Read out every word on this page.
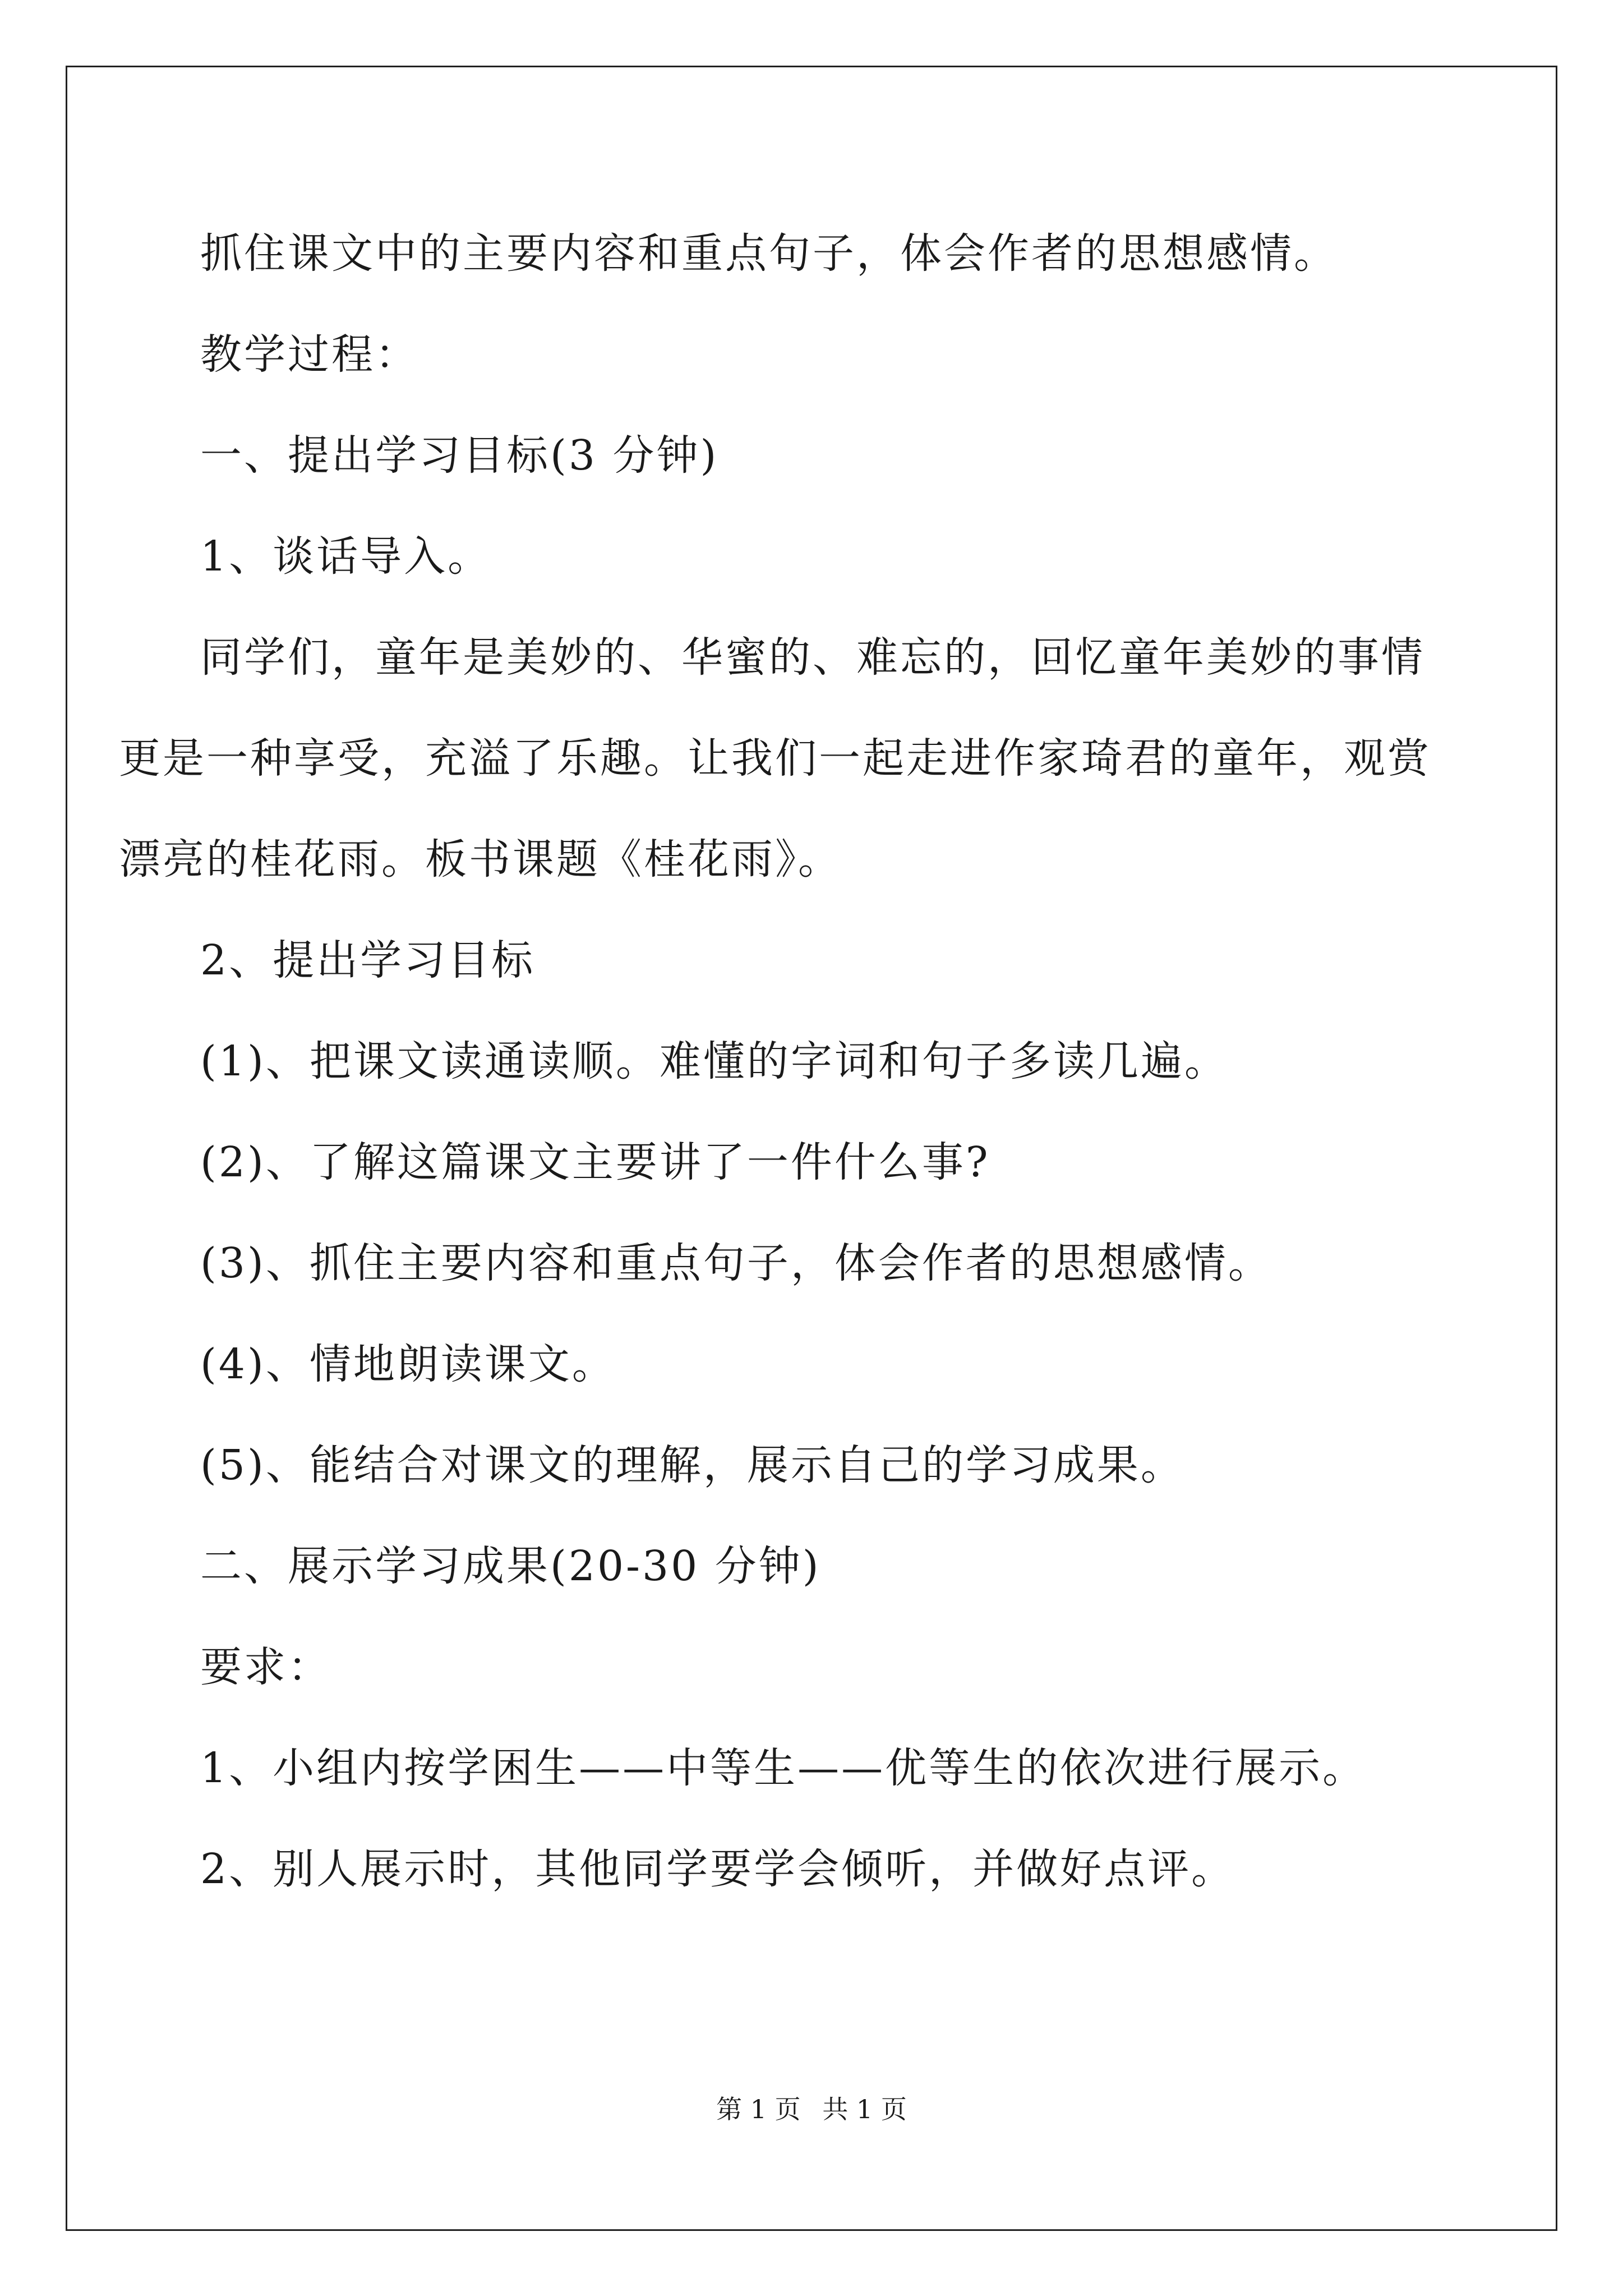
抓住课文中的主要内容和重点句子，体会作者的思想感情。
教学过程：
一、提出学习目标(3 分钟)
1、谈话导入。
同学们，童年是美妙的、华蜜的、难忘的，回忆童年美妙的事情
更是一种享受，充溢了乐趣。让我们一起走进作家琦君的童年，观赏
漂亮的桂花雨。板书课题《桂花雨》。
2、提出学习目标
(1)、把课文读通读顺。难懂的字词和句子多读几遍。
(2)、了解这篇课文主要讲了一件什么事?
(3)、抓住主要内容和重点句子，体会作者的思想感情。
(4)、情地朗读课文。
(5)、能结合对课文的理解，展示自己的学习成果。
二、展示学习成果(20-30 分钟)
要求：
1、小组内按学困生——中等生——优等生的依次进行展示。
2、别人展示时，其他同学要学会倾听，并做好点评。
第 1 页 共 1 页
